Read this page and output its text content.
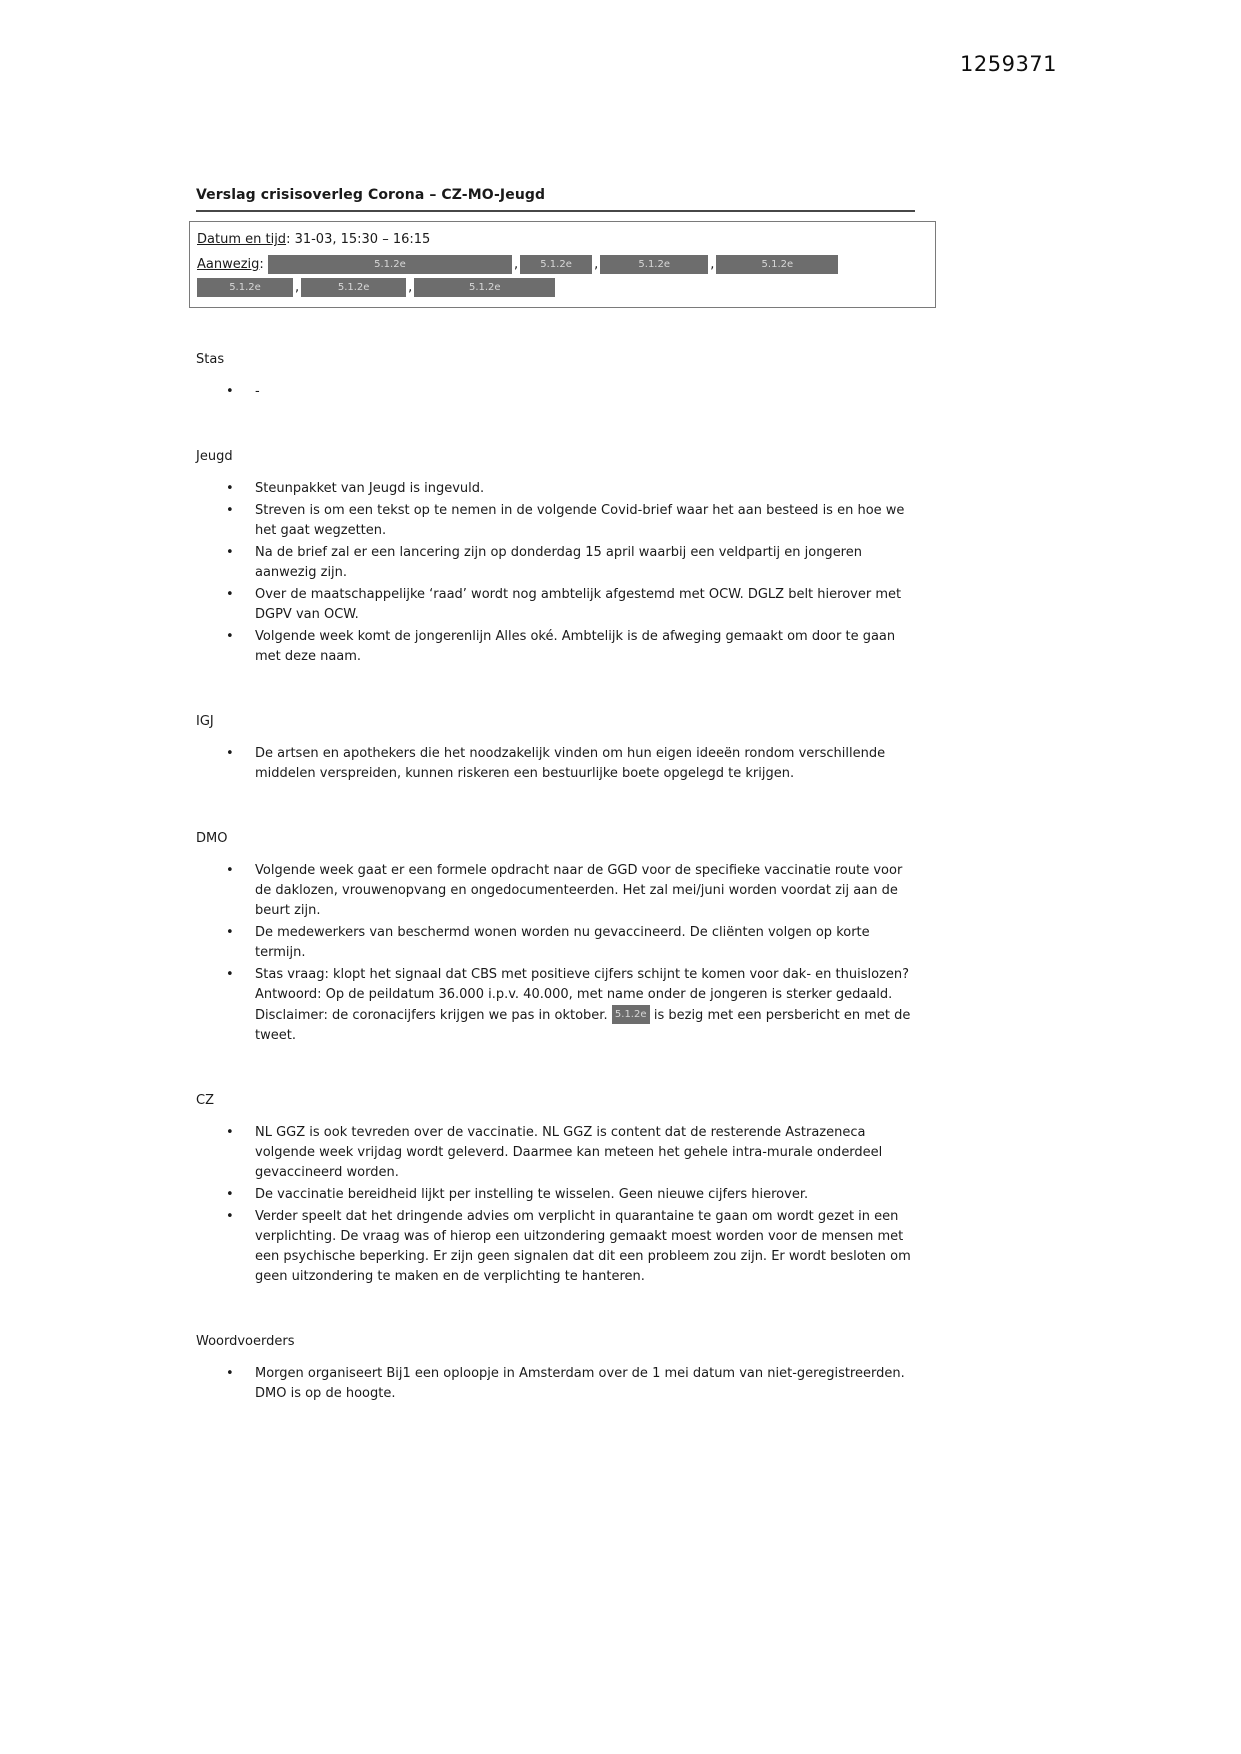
1259371
Verslag crisisoverleg Corona – CZ-MO-Jeugd
Datum en tijd: 31-03, 15:30 – 16:15
Aanwezig:	5.1.2e	,5.1.2e ,	5.1.2e	,	5.1.2e
5.1.2e	,	5.1.2e	,	5.1.2e
Stas
• -
Jeugd
• Steunpakket van Jeugd is ingevuld.
• Streven is om een tekst op te nemen in de volgende Covid-brief waar het aan besteed is en hoe we het gaat wegzetten.
• Na de brief zal er een lancering zijn op donderdag 15 april waarbij een veldpartij en jongeren aanwezig zijn.
• Over de maatschappelijke ‘raad’ wordt nog ambtelijk afgestemd met OCW. DGLZ belt hierover met DGPV van OCW.
• Volgende week komt de jongerenlijn Alles oké. Ambtelijk is de afweging gemaakt om door te gaan met deze naam.
IGJ
• De artsen en apothekers die het noodzakelijk vinden om hun eigen ideeën rondom verschillende middelen verspreiden, kunnen riskeren een bestuurlijke boete opgelegd te krijgen.
DMO
• Volgende week gaat er een formele opdracht naar de GGD voor de specifieke vaccinatie route voor de daklozen, vrouwenopvang en ongedocumenteerden. Het zal mei/juni worden voordat zij aan de beurt zijn.
• De medewerkers van beschermd wonen worden nu gevaccineerd. De cliënten volgen op korte termijn.
• Stas vraag: klopt het signaal dat CBS met positieve cijfers schijnt te komen voor dak- en thuislozen? Antwoord: Op de peildatum 36.000 i.p.v. 40.000, met name onder de jongeren is sterker gedaald. Disclaimer: de coronacijfers krijgen we pas in oktober. 5.1.2e is bezig met een persbericht en met de tweet.
CZ
• NL GGZ is ook tevreden over de vaccinatie. NL GGZ is content dat de resterende Astrazeneca volgende week vrijdag wordt geleverd. Daarmee kan meteen het gehele intra-murale onderdeel gevaccineerd worden.
• De vaccinatie bereidheid lijkt per instelling te wisselen. Geen nieuwe cijfers hierover.
• Verder speelt dat het dringende advies om verplicht in quarantaine te gaan om wordt gezet in een verplichting. De vraag was of hierop een uitzondering gemaakt moest worden voor de mensen met een psychische beperking. Er zijn geen signalen dat dit een probleem zou zijn. Er wordt besloten om geen uitzondering te maken en de verplichting te hanteren.
Woordvoerders
• Morgen organiseert Bij1 een oploopje in Amsterdam over de 1 mei datum van niet-geregistreerden. DMO is op de hoogte.
